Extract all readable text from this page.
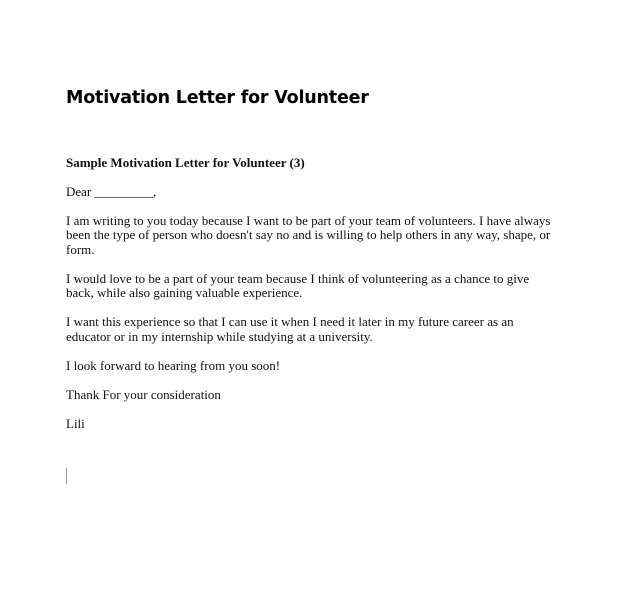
Motivation Letter for Volunteer

Sample Motivation Letter for Volunteer (3)

Dear _________,

I am writing to you today because I want to be part of your team of volunteers. I have always been the type of person who doesn't say no and is willing to help others in any way, shape, or form.

I would love to be a part of your team because I think of volunteering as a chance to give back, while also gaining valuable experience.

I want this experience so that I can use it when I need it later in my future career as an educator or in my internship while studying at a university.

I look forward to hearing from you soon!

Thank For your consideration

Lili
